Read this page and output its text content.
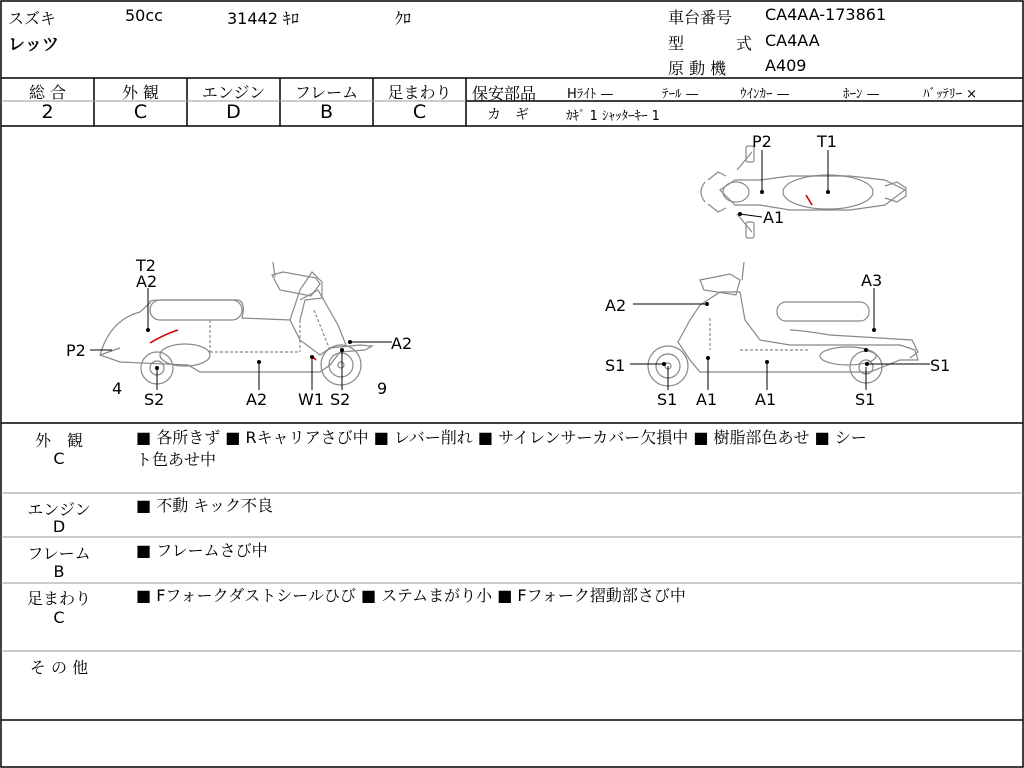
スズキ	50cc	31442 ｷﾛ	ｸﾛ
レッツ
車台番号 CA4AA-173861
型	式 CA4AA
原 動 機 A409
総 合
2
外 観
C
エンジン
D
フレーム
B
足まわり
C
保安部品 Hﾗｲﾄ —	ﾃｰﾙ —	ｳｲﾝｶｰ —	ﾎｰﾝ —	ﾊﾞｯﾃﾘｰ ×
カ　ギ	ｶｷﾞ 1 ｼｬｯﾀｰｷｰ 1
T2
A2
P2
4
S2	A2 W1 S2
9
A2
P2	T1
A1
A2
A3
S1	S1
S1 A1 A1	S1
外　観
C
■ 各所きず ■ Rキャリアさび中 ■ レバー削れ ■ サイレンサーカバー欠損中 ■ 樹脂部色あせ ■ シー
ト色あせ中
エンジン
D
■ 不動 キック不良
フレーム
B
■ フレームさび中
足まわり
C
■ Fフォークダストシールひび ■ ステムまがり小 ■ Fフォーク摺動部さび中
そ の 他
